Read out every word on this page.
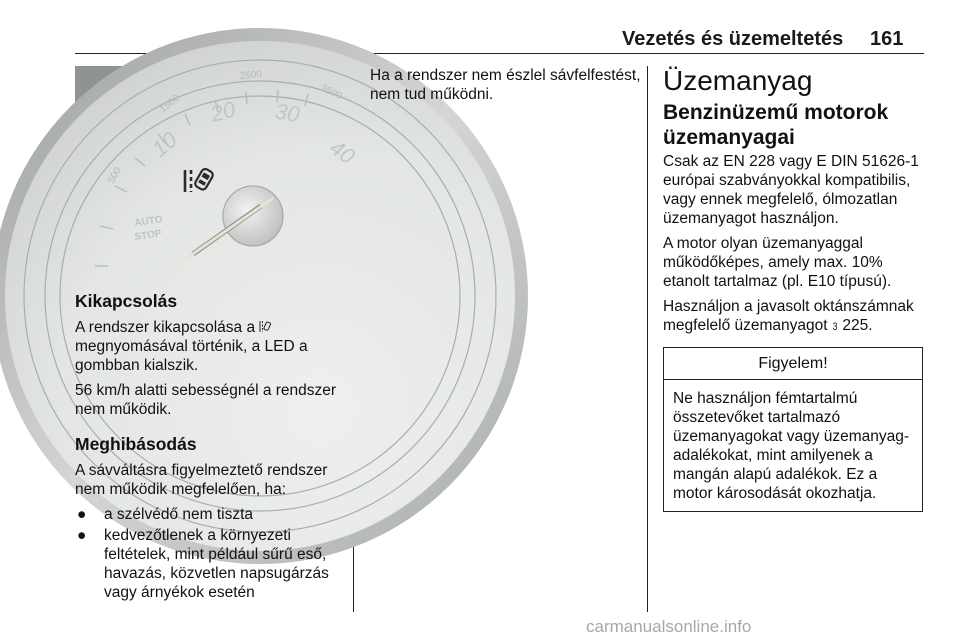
Vezetés és üzemeltetés 161
500
1500
2500
3500
10
20 30
40
AUTO
STOP
Kikapcsolás

A rendszer kikapcsolása a  megnyomásával történik, a LED a gombban kialszik.

56 km/h alatti sebességnél a rendszer nem működik.

Meghibásodás

A sávváltásra figyelmeztető rendszer nem működik megfelelően, ha:

● a szélvédő nem tiszta
● kedvezőtlenek a környezeti feltételek, mint például sűrű eső, havazás, közvetlen napsugárzás vagy árnyékok esetén

Ha a rendszer nem észlel sávfelfestést, nem tud működni.	Üzemanyag
Benzinüzemű motorok üzemanyagai

Csak az EN 228 vagy E DIN 51626-1 európai szabványokkal kompatibilis, vagy ennek megfelelő, ólmozatlan üzemanyagot használjon.

A motor olyan üzemanyaggal működőképes, amely max. 10% etanolt tartalmaz (pl. E10 típusú).

Használjon a javasolt oktánszámnak megfelelő üzemanyagot 3 225.

Figyelem!
Ne használjon fémtartalmú összetevőket tartalmazó üzemanyagokat vagy üzemanyag-adalékokat, mint amilyenek a mangán alapú adalékok. Ez a motor károsodását okozhatja.
carmanualsonline.info
